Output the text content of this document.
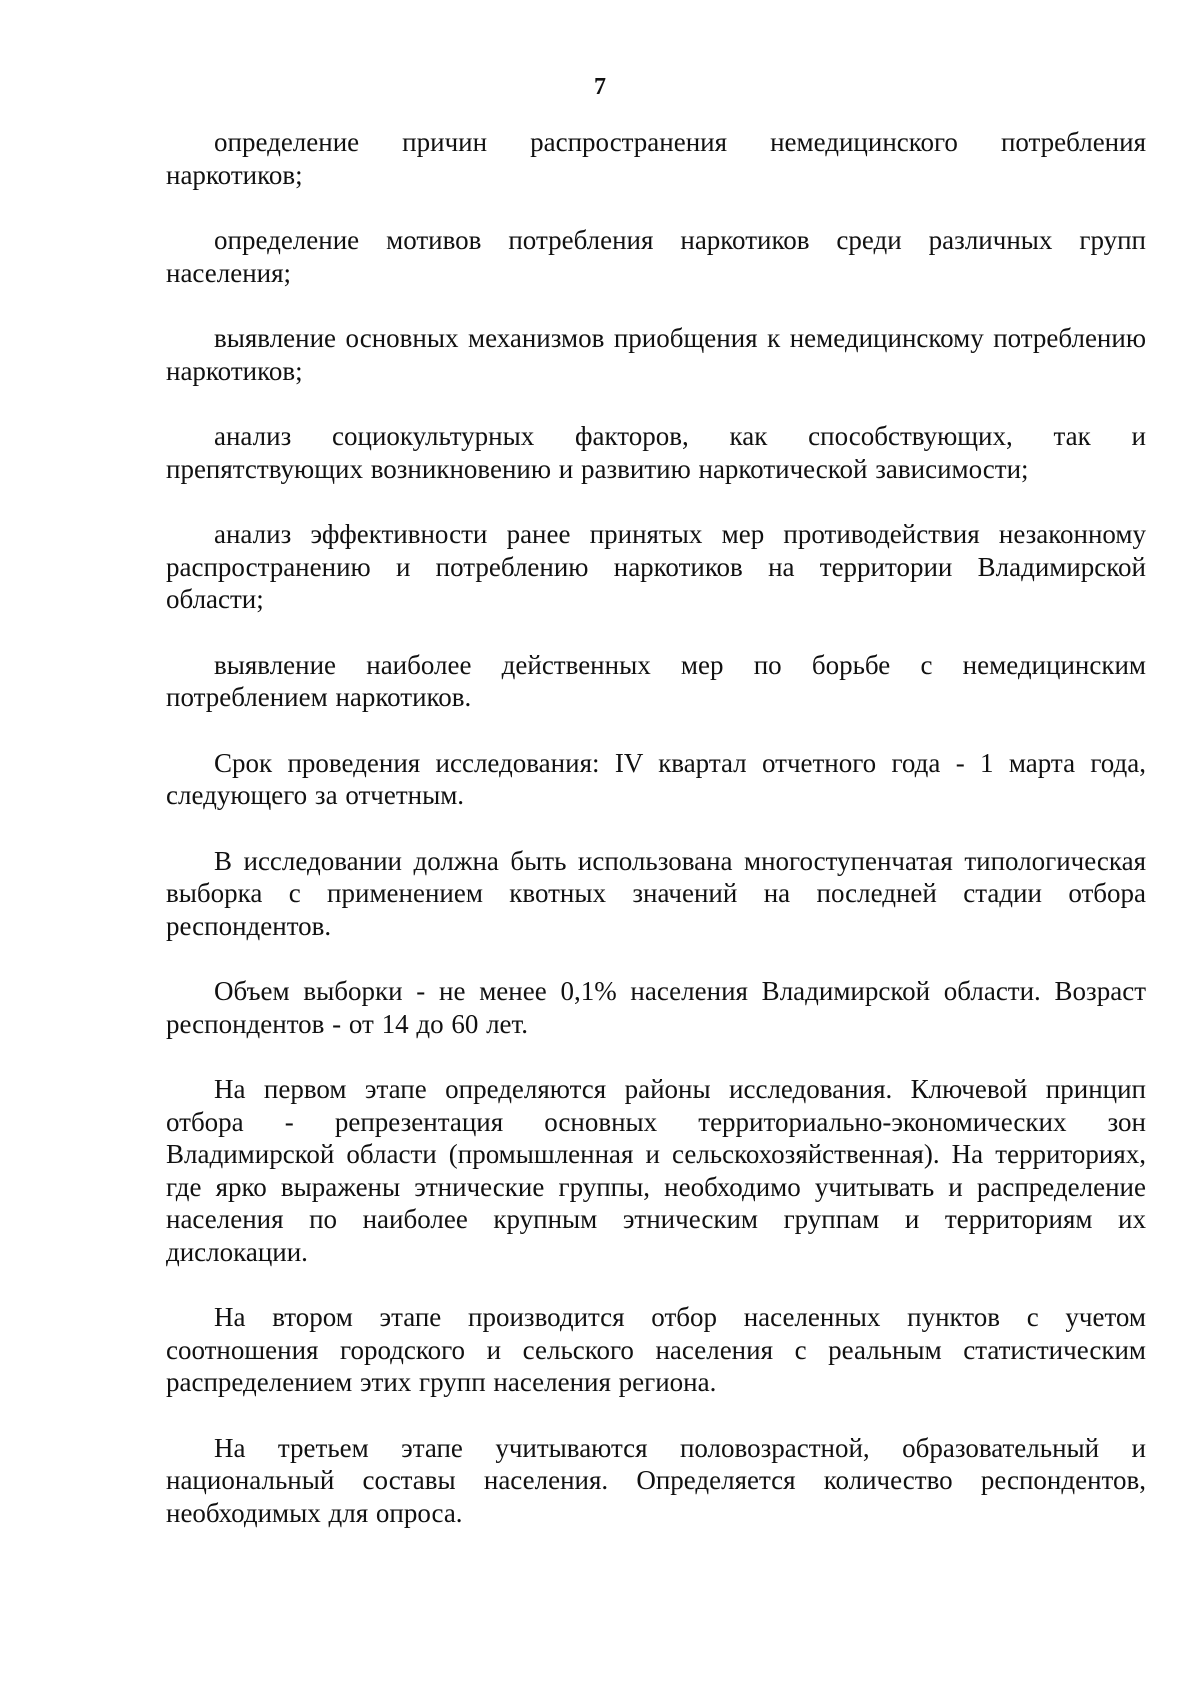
7

определение причин распространения немедицинского потребления наркотиков;

определение мотивов потребления наркотиков среди различных групп населения;

выявление основных механизмов приобщения к немедицинскому потреблению наркотиков;

анализ социокультурных факторов, как способствующих, так и препятствующих возникновению и развитию наркотической зависимости;

анализ эффективности ранее принятых мер противодействия незаконному распространению и потреблению наркотиков на территории Владимирской области;

выявление наиболее действенных мер по борьбе с немедицинским потреблением наркотиков.

Срок проведения исследования: IV квартал отчетного года - 1 марта года, следующего за отчетным.

В исследовании должна быть использована многоступенчатая типологическая выборка с применением квотных значений на последней стадии отбора респондентов.

Объем выборки - не менее 0,1% населения Владимирской области. Возраст респондентов - от 14 до 60 лет.

На первом этапе определяются районы исследования. Ключевой принцип отбора - репрезентация основных территориально-экономических зон Владимирской области (промышленная и сельскохозяйственная). На территориях, где ярко выражены этнические группы, необходимо учитывать и распределение населения по наиболее крупным этническим группам и территориям их дислокации.

На втором этапе производится отбор населенных пунктов с учетом соотношения городского и сельского населения с реальным статистическим распределением этих групп населения региона.

На третьем этапе учитываются половозрастной, образовательный и национальный составы населения. Определяется количество респондентов, необходимых для опроса.
